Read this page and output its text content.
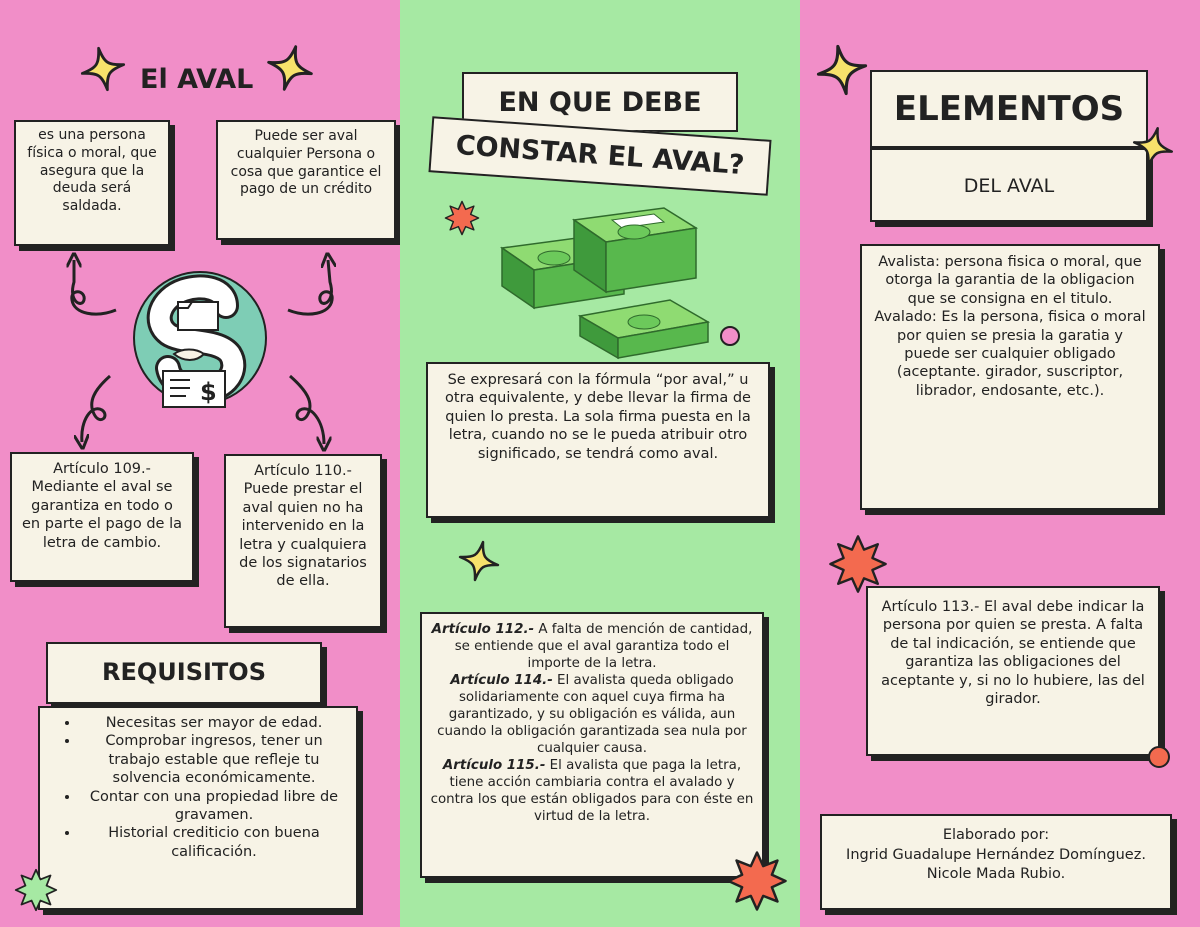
El AVAL
es una persona física o moral, que asegura que la deuda será saldada.
Puede ser aval cualquier Persona o cosa que garantice el pago de un crédito
$
Artículo 109.- Mediante el aval se garantiza en todo o en parte el pago de la letra de cambio.
Artículo 110.- Puede prestar el aval quien no ha intervenido en la letra y cualquiera de los signatarios de ella.
REQUISITOS
• Necesitas ser mayor de edad.
• Comprobar ingresos, tener un trabajo estable que refleje tu solvencia económicamente.
• Contar con una propiedad libre de gravamen.
• Historial crediticio con buena calificación.
EN QUE DEBE
CONSTAR EL AVAL?
Se expresará con la fórmula “por aval,” u otra equivalente, y debe llevar la firma de quien lo presta. La sola firma puesta en la letra, cuando no se le pueda atribuir otro significado, se tendrá como aval.

Artículo 112.- A falta de mención de cantidad, se entiende que el aval garantiza todo el importe de la letra.

Artículo 114.- El avalista queda obligado solidariamente con aquel cuya firma ha garantizado, y su obligación es válida, aun cuando la obligación garantizada sea nula por cualquier causa.

Artículo 115.- El avalista que paga la letra, tiene acción cambiaria contra el avalado y contra los que están obligados para con éste en virtud de la letra.

ELEMENTOS
DEL AVAL
Avalista: persona fisica o moral, que otorga la garantia de la obligacion que se consigna en el titulo.
Avalado: Es la persona, fisica o moral por quien se presia la garatia y puede ser cualquier obligado (aceptante. girador, suscriptor, librador, endosante, etc.).
Artículo 113.- El aval debe indicar la persona por quien se presta. A falta de tal indicación, se entiende que garantiza las obligaciones del aceptante y, si no lo hubiere, las del girador.
Elaborado por:
Ingrid Guadalupe Hernández Domínguez.
Nicole Mada Rubio.
